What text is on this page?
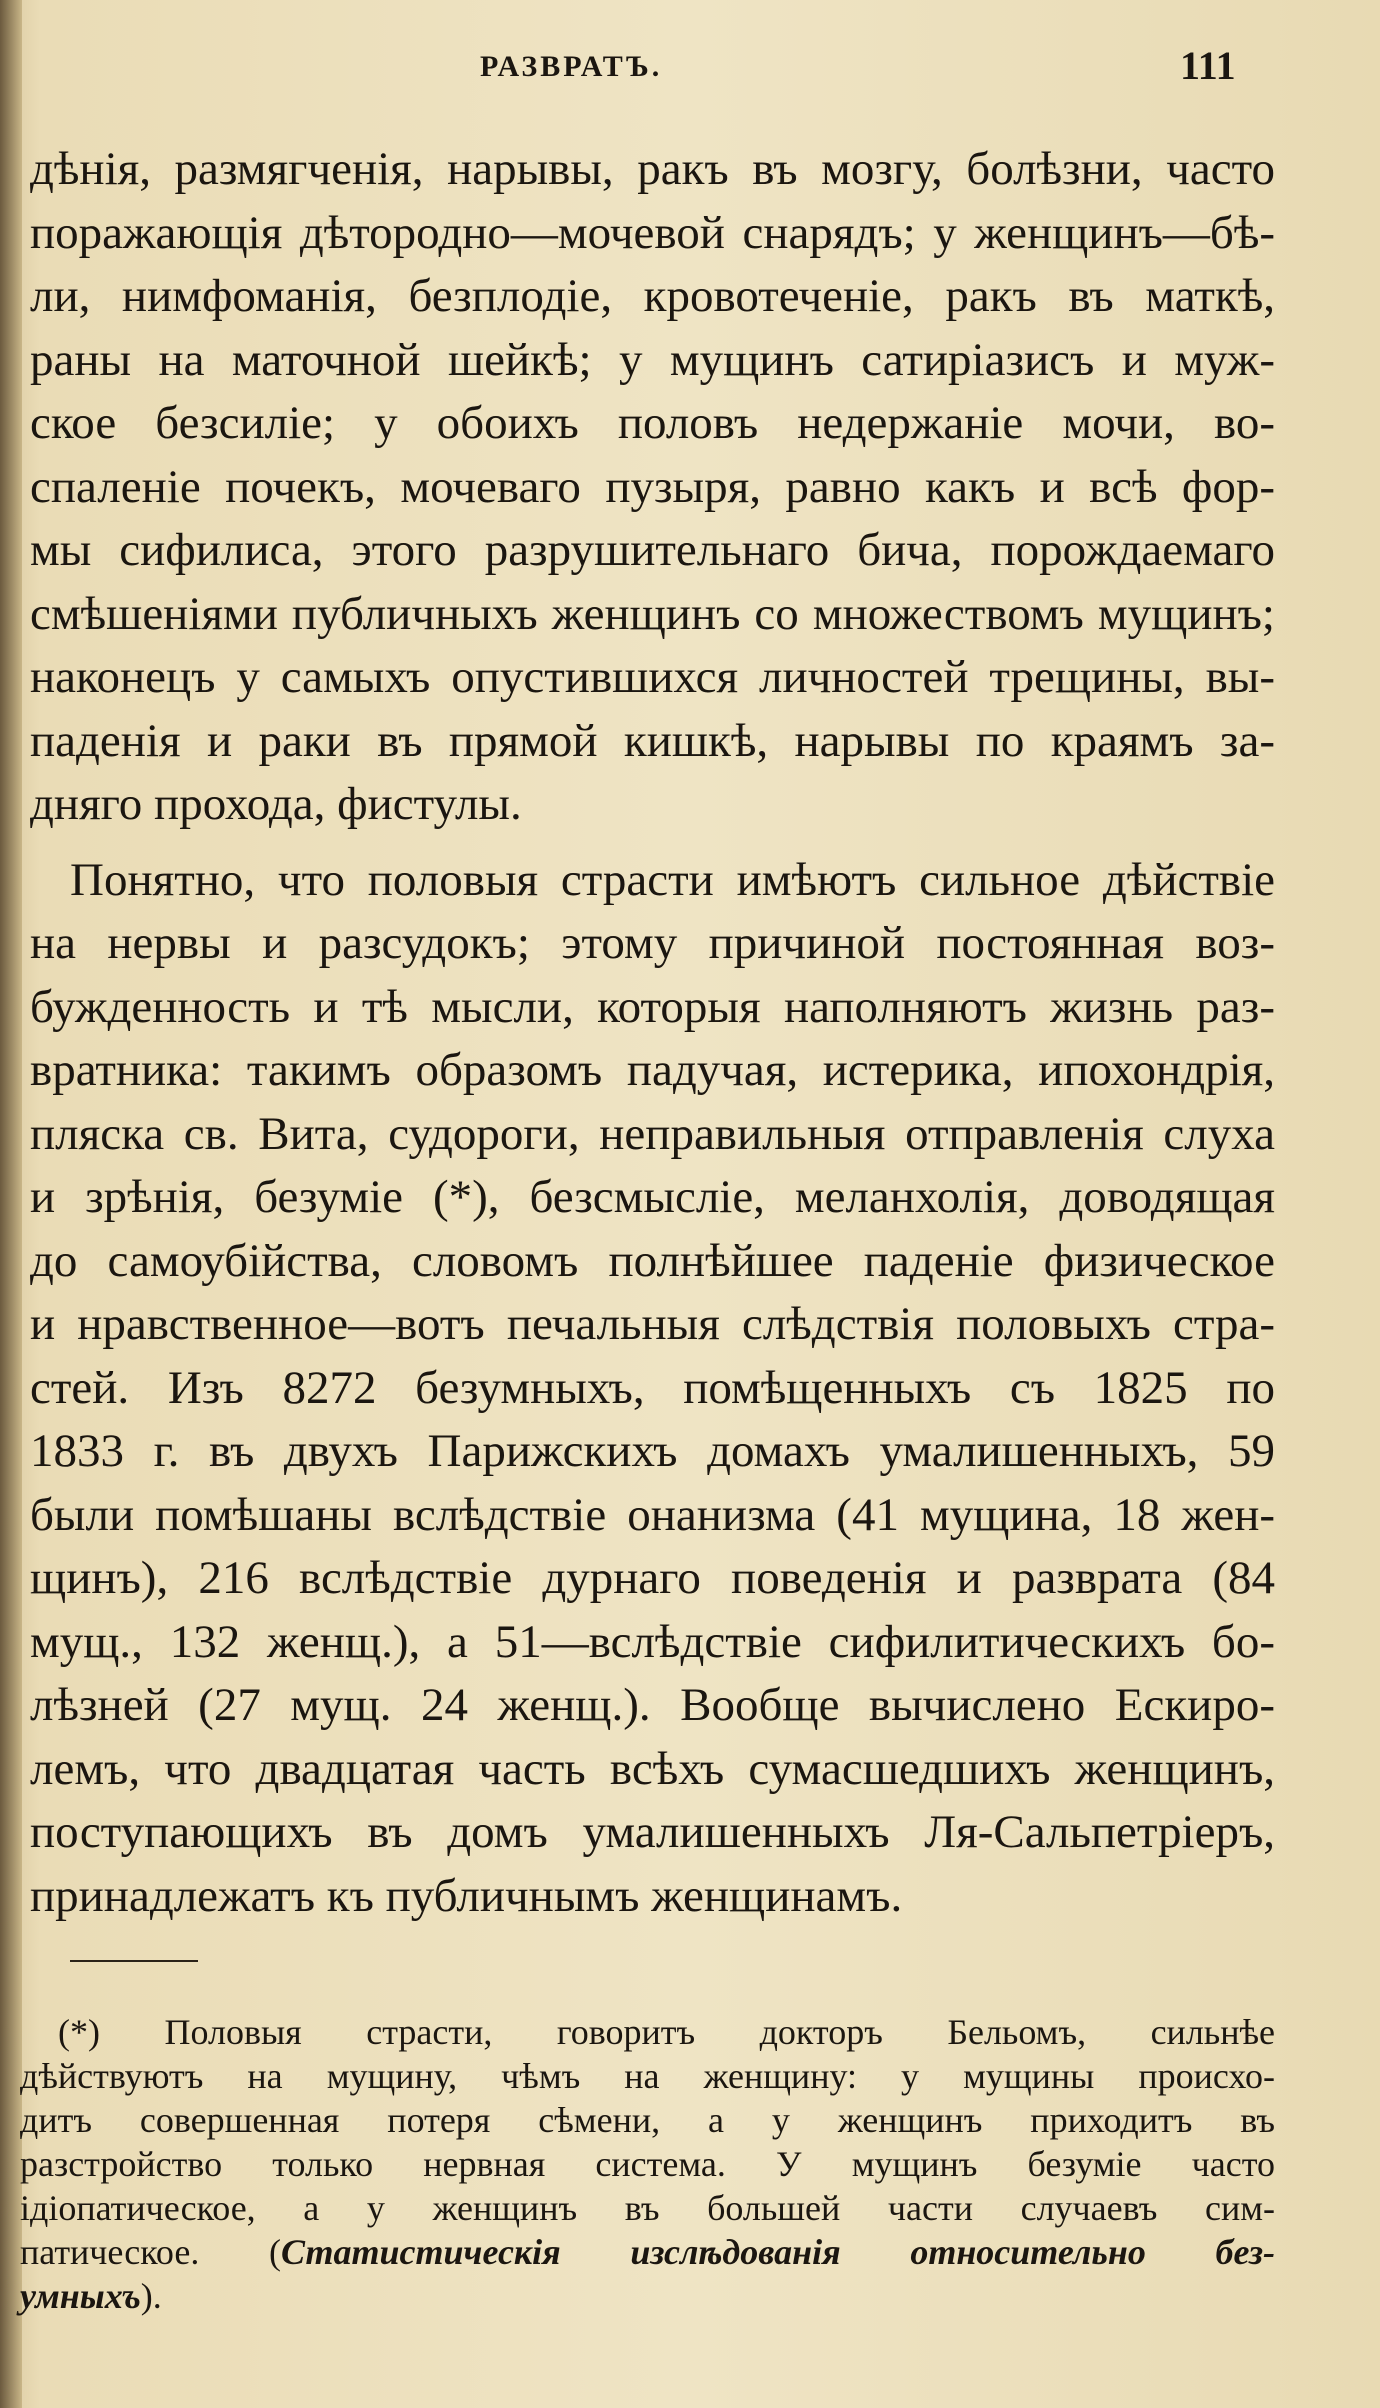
РАЗВРАТЪ.	111
дѣнія, размягченія, нарывы, ракъ въ мозгу, болѣзни, часто
поражающія дѣтородно—мочевой снарядъ; у женщинъ—бѣ-
ли, нимфоманія, безплодіе, кровотеченіе, ракъ въ маткѣ,
раны на маточной шейкѣ; у мущинъ сатиріазисъ и муж-
ское безсиліе; у обоихъ половъ недержаніе мочи, во-
спаленіе почекъ, мочеваго пузыря, равно какъ и всѣ фор-
мы сифилиса, этого разрушительнаго бича, порождаемаго
смѣшеніями публичныхъ женщинъ со множествомъ мущинъ;
наконецъ у самыхъ опустившихся личностей трещины, вы-
паденія и раки въ прямой кишкѣ, нарывы по краямъ за-
дняго прохода, фистулы.
Понятно, что половыя страсти имѣютъ сильное дѣйствіе
на нервы и разсудокъ; этому причиной постоянная воз-
бужденность и тѣ мысли, которыя наполняютъ жизнь раз-
вратника: такимъ образомъ падучая, истерика, ипохондрія,
пляска св. Вита, судороги, неправильныя отправленія слуха
и зрѣнія, безуміе (*), безсмысліе, меланхолія, доводящая
до самоубійства, словомъ полнѣйшее паденіе физическое
и нравственное—вотъ печальныя слѣдствія половыхъ стра-
стей. Изъ 8272 безумныхъ, помѣщенныхъ съ 1825 по
1833 г. въ двухъ Парижскихъ домахъ умалишенныхъ, 59
были помѣшаны вслѣдствіе онанизма (41 мущина, 18 жен-
щинъ), 216 вслѣдствіе дурнаго поведенія и разврата (84
мущ., 132 женщ.), а 51—вслѣдствіе сифилитическихъ бо-
лѣзней (27 мущ. 24 женщ.). Вообще вычислено Ескиро-
лемъ, что двадцатая часть всѣхъ сумасшедшихъ женщинъ,
поступающихъ въ домъ умалишенныхъ Ля-Сальпетріеръ,
принадлежатъ къ публичнымъ женщинамъ.
(*) Половыя страсти, говоритъ докторъ Бельомъ, сильнѣе
дѣйствуютъ на мущину, чѣмъ на женщину: у мущины происхо-
дитъ совершенная потеря сѣмени, а у женщинъ приходитъ въ
разстройство только нервная система. У мущинъ безуміе часто
ідіопатическое, а у женщинъ въ большей части случаевъ сим-
патическое. (Статистическія изслѣдованія относительно без-
умныхъ).
